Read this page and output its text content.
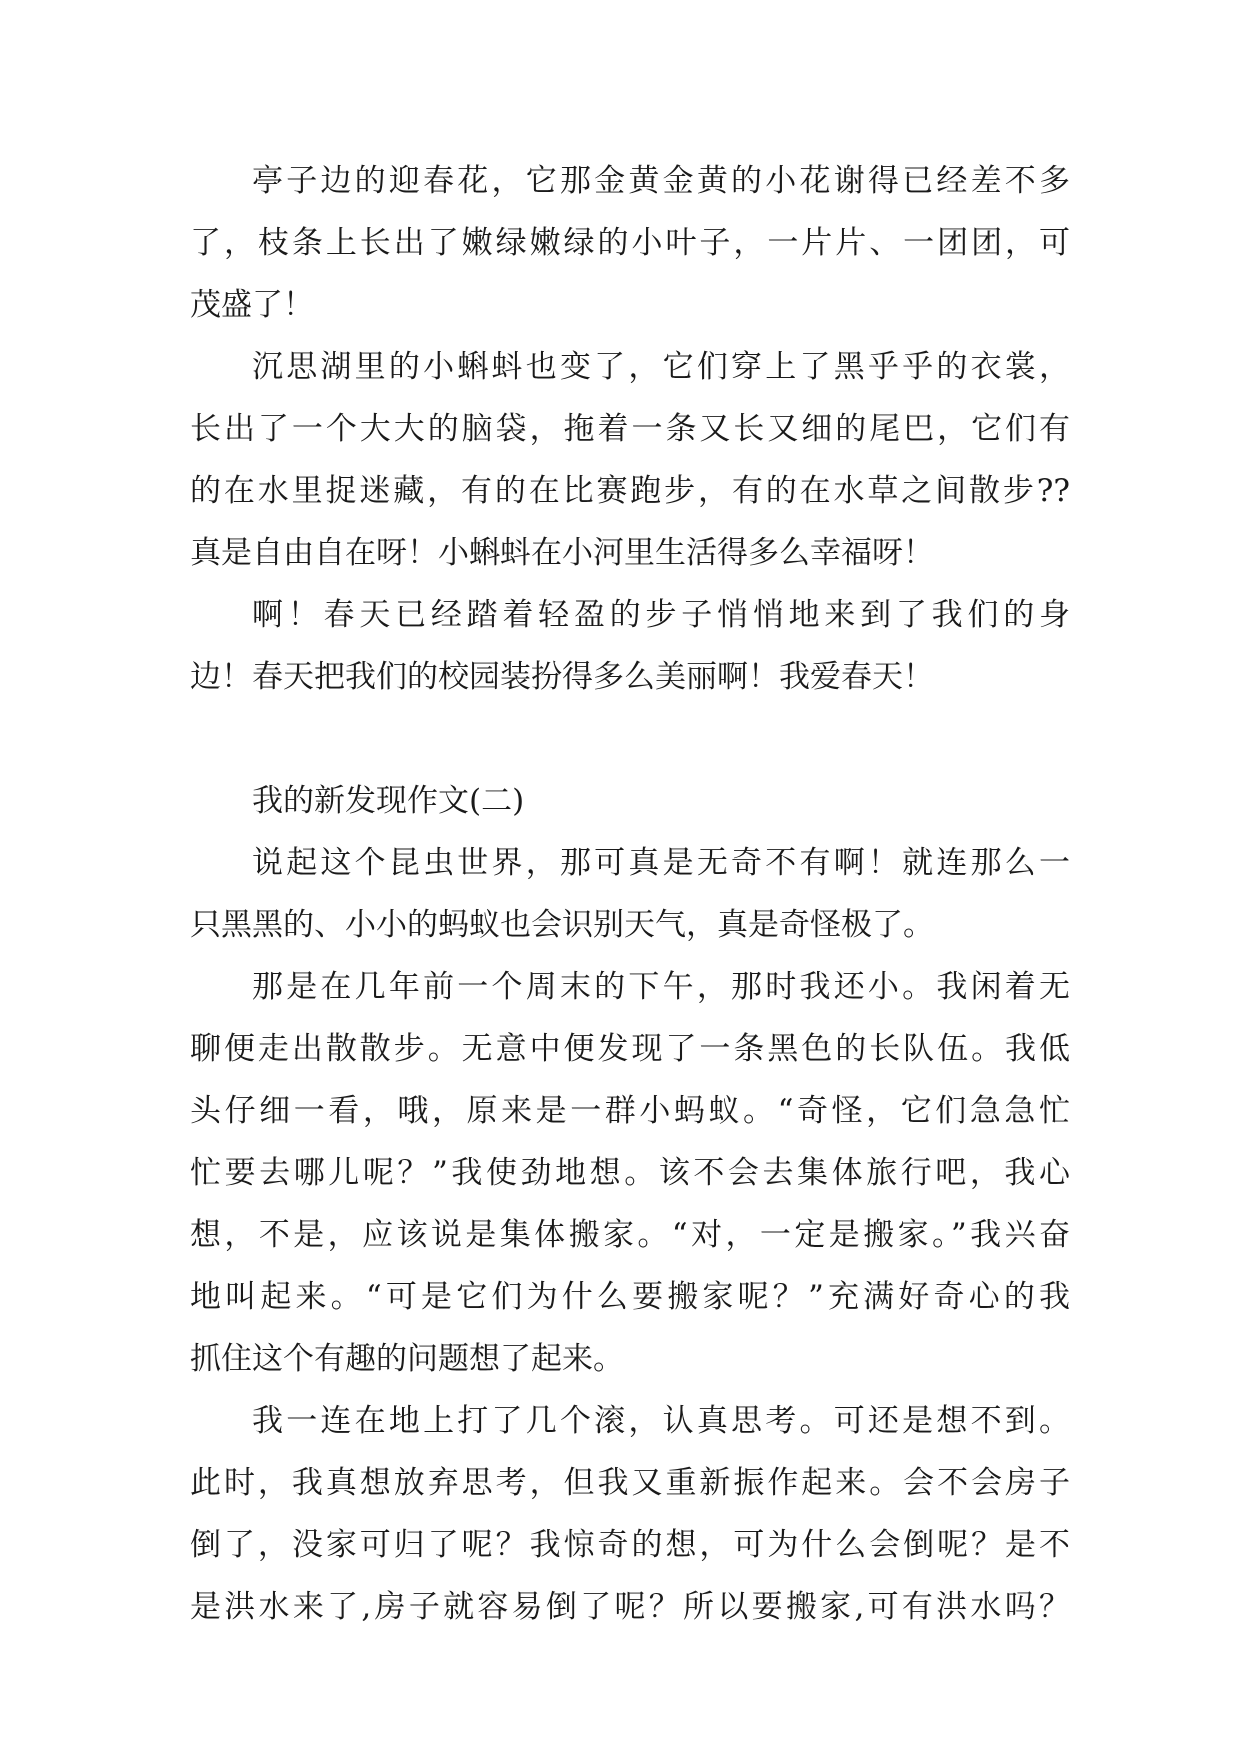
亭子边的迎春花，它那金黄金黄的小花谢得已经差不多
了，枝条上长出了嫩绿嫩绿的小叶子，一片片、一团团，可
茂盛了！
沉思湖里的小蝌蚪也变了，它们穿上了黑乎乎的衣裳，
长出了一个大大的脑袋，拖着一条又长又细的尾巴，它们有
的在水里捉迷藏，有的在比赛跑步，有的在水草之间散步??
真是自由自在呀！小蝌蚪在小河里生活得多么幸福呀！
啊！春天已经踏着轻盈的步子悄悄地来到了我们的身
边！春天把我们的校园装扮得多么美丽啊！我爱春天！
我的新发现作文(二)
说起这个昆虫世界，那可真是无奇不有啊！就连那么一
只黑黑的、小小的蚂蚁也会识别天气，真是奇怪极了。
那是在几年前一个周末的下午，那时我还小。我闲着无
聊便走出散散步。无意中便发现了一条黑色的长队伍。我低
头仔细一看，哦，原来是一群小蚂蚁。“奇怪，它们急急忙
忙要去哪儿呢？”我使劲地想。该不会去集体旅行吧，我心
想，不是，应该说是集体搬家。“对，一定是搬家。”我兴奋
地叫起来。“可是它们为什么要搬家呢？”充满好奇心的我
抓住这个有趣的问题想了起来。
我一连在地上打了几个滚，认真思考。可还是想不到。
此时，我真想放弃思考，但我又重新振作起来。会不会房子
倒了，没家可归了呢？我惊奇的想，可为什么会倒呢？是不
是洪水来了,房子就容易倒了呢？所以要搬家,可有洪水吗？
